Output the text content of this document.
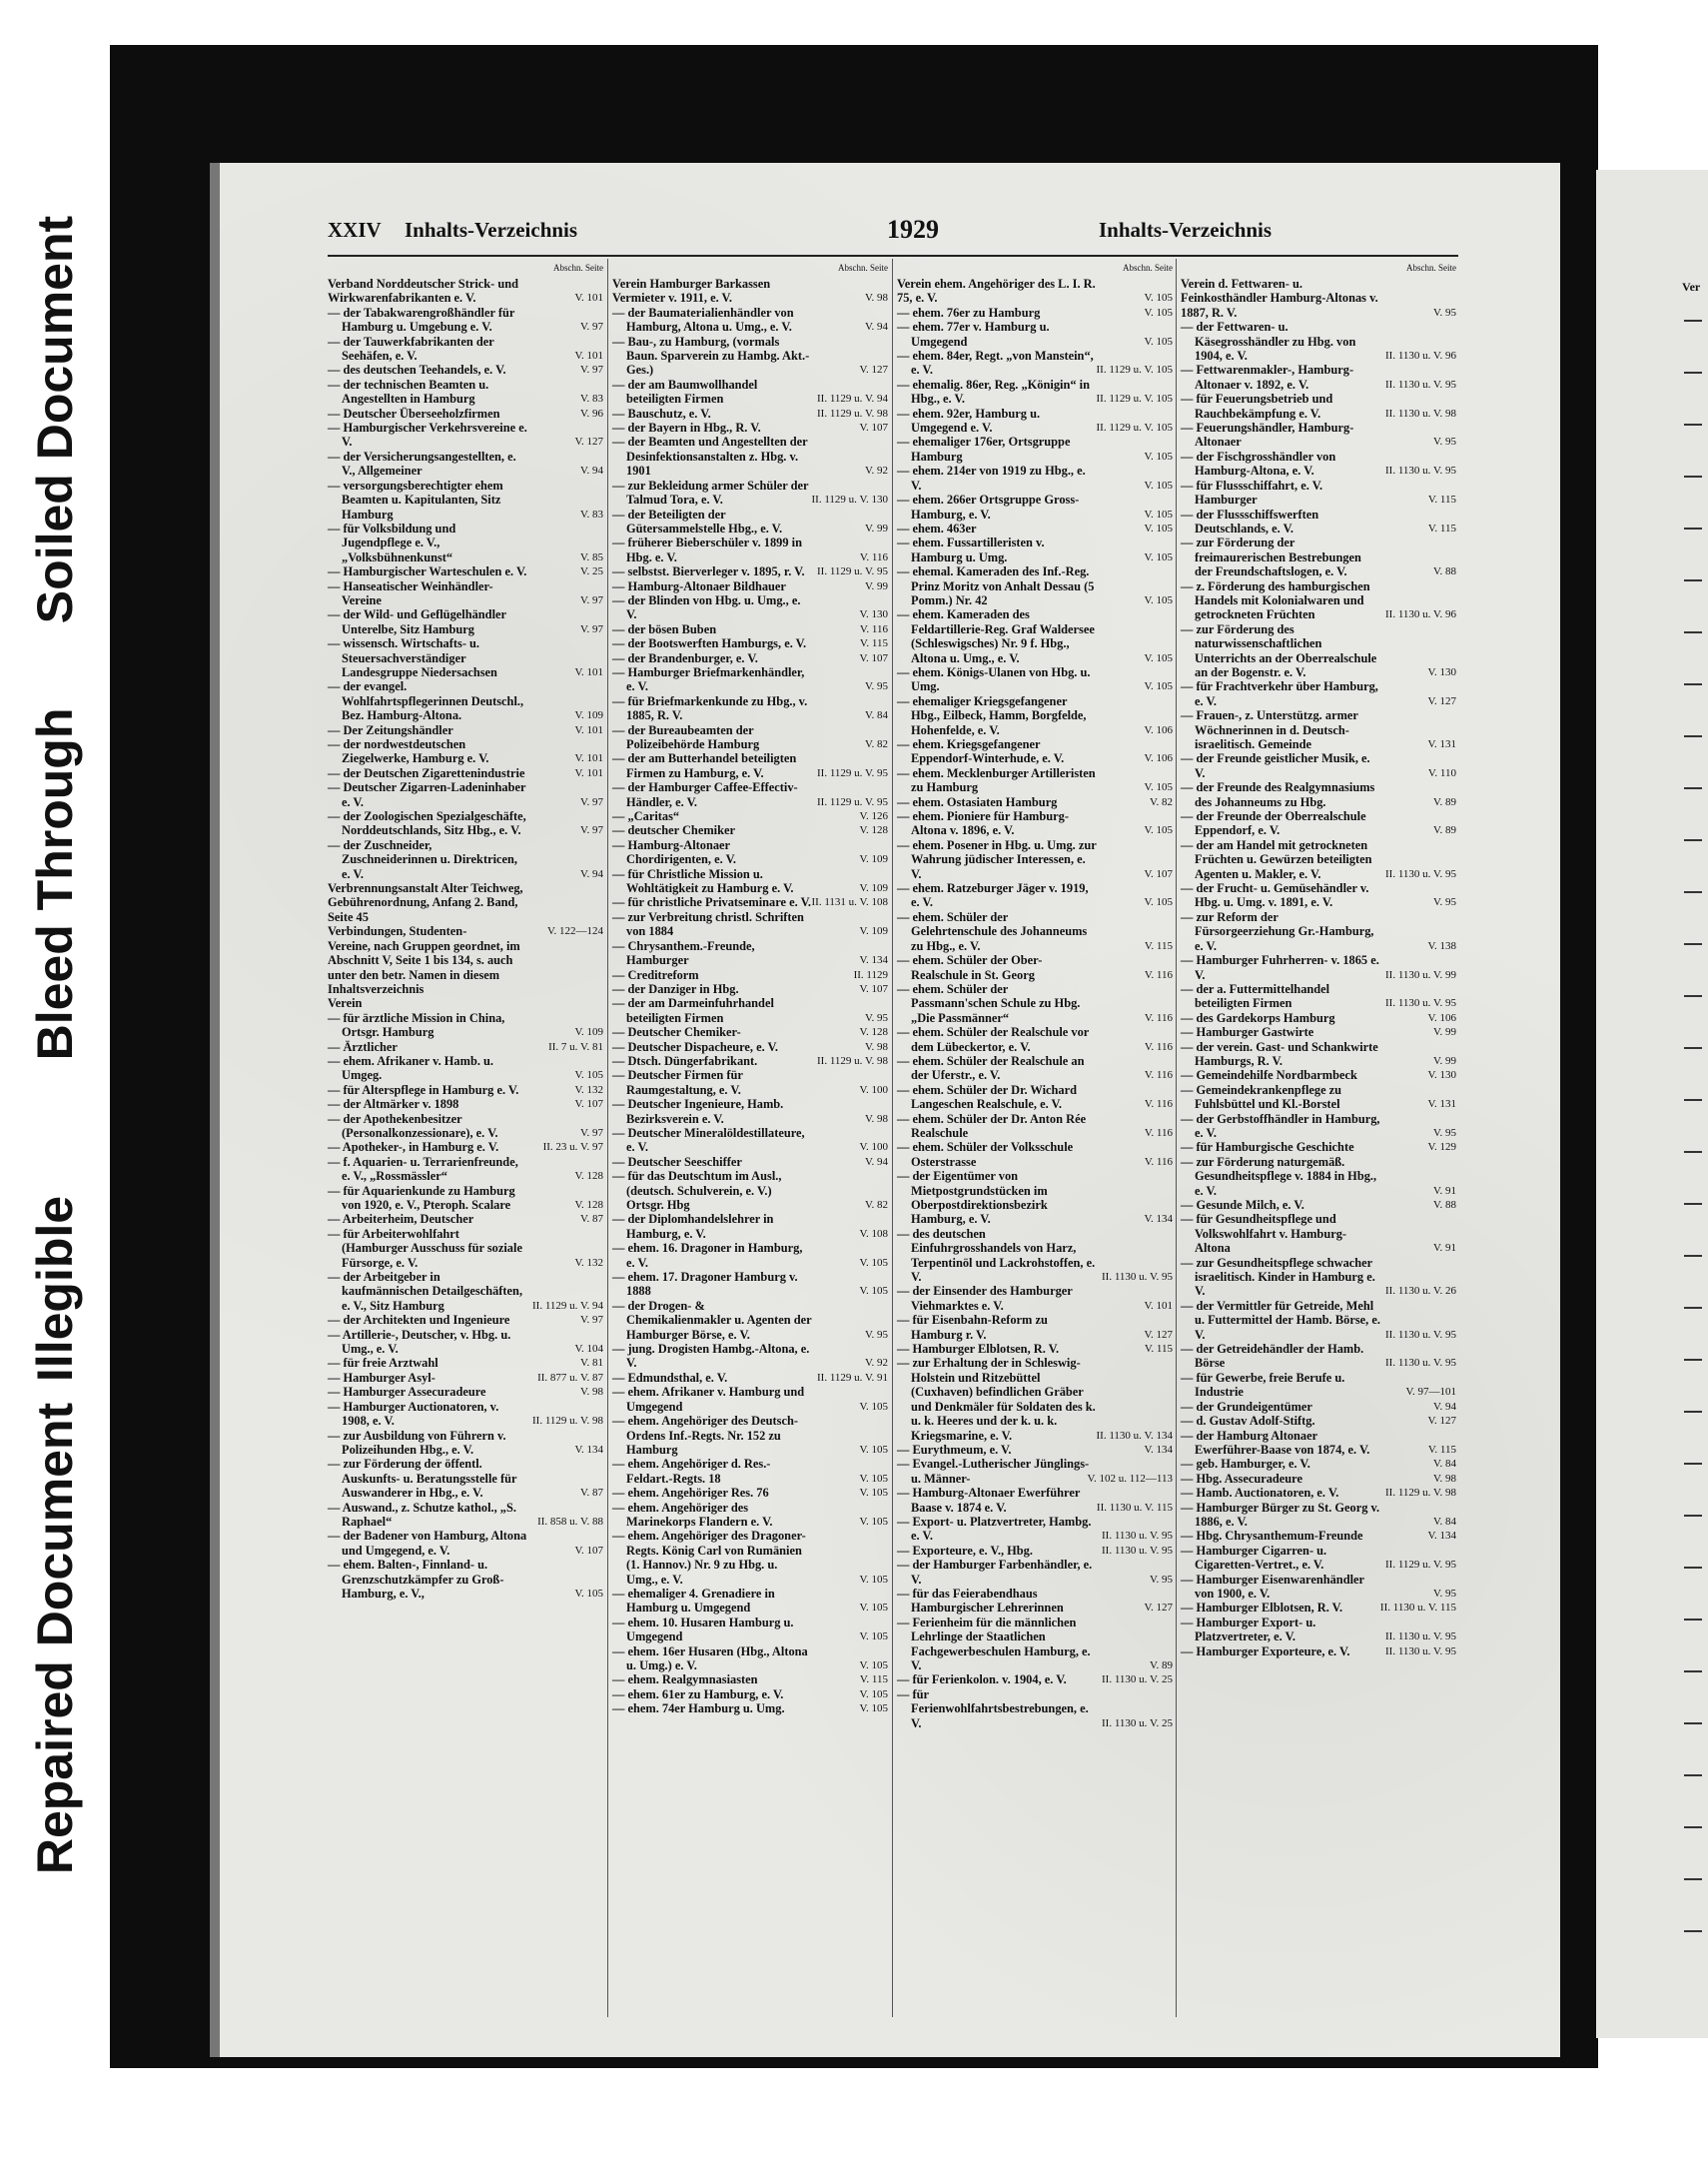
Repaired Document
Illegible
Bleed Through
Soiled Document	XXIV Inhalts-Verzeichnis	1929	Inhalts-Verzeichnis
Abschn. Seite
Verband Norddeutscher Strick- und Wirkwarenfabrikanten e. V.	V. 101
— der Tabakwarengroßhändler für Hamburg u. Umgebung e. V.	V. 97
— der Tauwerkfabrikanten der Seehäfen, e. V.	V. 101
— des deutschen Teehandels, e. V.	V. 97
— der technischen Beamten u. Angestellten in Hamburg	V. 83
— Deutscher Überseeholzfirmen	V. 96
— Hamburgischer Verkehrsvereine e. V.	V. 127
— der Versicherungsangestellten, e. V., Allgemeiner	V. 94
— versorgungsberechtigter ehem Beamten u. Kapitulanten, Sitz Hamburg	V. 83
— für Volksbildung und Jugendpflege e. V., „Volksbühnenkunst“	V. 85
— Hamburgischer Warteschulen e. V.	V. 25
— Hanseatischer Weinhändler-Vereine	V. 97
— der Wild- und Geflügelhändler Unterelbe, Sitz Hamburg	V. 97
— wissensch. Wirtschafts- u. Steuersachverständiger Landesgruppe Niedersachsen	V. 101
— der evangel. Wohlfahrtspflegerinnen Deutschl., Bez. Hamburg-Altona.	V. 109
— Der Zeitungshändler	V. 101
— der nordwestdeutschen Ziegelwerke, Hamburg e. V.	V. 101
— der Deutschen Zigarettenindustrie	V. 101
— Deutscher Zigarren-Ladeninhaber e. V.	V. 97
— der Zoologischen Spezialgeschäfte, Norddeutschlands, Sitz Hbg., e. V.	V. 97
— der Zuschneider, Zuschneiderinnen u. Direktricen, e. V.	V. 94
Verbrennungsanstalt Alter Teichweg, Gebührenordnung, Anfang 2. Band, Seite 45
Verbindungen, Studenten-	V. 122—124
Vereine, nach Gruppen geordnet, im Abschnitt V, Seite 1 bis 134, s. auch unter den betr. Namen in diesem Inhaltsverzeichnis
Verein
— für ärztliche Mission in China, Ortsgr. Hamburg	V. 109
— Ärztlicher	II. 7 u. V. 81
— ehem. Afrikaner v. Hamb. u. Umgeg.	V. 105
— für Alterspflege in Hamburg e. V.	V. 132
— der Altmärker v. 1898	V. 107
— der Apothekenbesitzer (Personalkonzessionare), e. V.	V. 97
— Apotheker-, in Hamburg e. V.	II. 23 u. V. 97
— f. Aquarien- u. Terrarienfreunde, e. V., „Rossmässler“	V. 128
— für Aquarienkunde zu Hamburg von 1920, e. V., Pteroph. Scalare	V. 128
— Arbeiterheim, Deutscher	V. 87
— für Arbeiterwohlfahrt (Hamburger Ausschuss für soziale Fürsorge, e. V.	V. 132
— der Arbeitgeber in kaufmännischen Detailgeschäften, e. V., Sitz Hamburg	II. 1129 u. V. 94
— der Architekten und Ingenieure	V. 97
— Artillerie-, Deutscher, v. Hbg. u. Umg., e. V.	V. 104
— für freie Arztwahl	V. 81
— Hamburger Asyl-	II. 877 u. V. 87
— Hamburger Assecuradeure	V. 98
— Hamburger Auctionatoren, v. 1908, e. V.	II. 1129 u. V. 98
— zur Ausbildung von Führern v. Polizeihunden Hbg., e. V.	V. 134
— zur Förderung der öffentl. Auskunfts- u. Beratungsstelle für Auswanderer in Hbg., e. V.	V. 87
— Auswand., z. Schutze kathol., „S. Raphael“	II. 858 u. V. 88
— der Badener von Hamburg, Altona und Umgegend, e. V.	V. 107
— ehem. Balten-, Finnland- u. Grenzschutzkämpfer zu Groß-Hamburg, e. V.,	V. 105
Abschn. Seite
Verein Hamburger Barkassen Vermieter v. 1911, e. V.	V. 98
— der Baumaterialienhändler von Hamburg, Altona u. Umg., e. V.	V. 94
— Bau-, zu Hamburg, (vormals Baun. Sparverein zu Hambg. Akt.-Ges.)	V. 127
— der am Baumwollhandel beteiligten Firmen	II. 1129 u. V. 94
— Bauschutz, e. V.	II. 1129 u. V. 98
— der Bayern in Hbg., R. V.	V. 107
— der Beamten und Angestellten der Desinfektionsanstalten z. Hbg. v. 1901	V. 92
— zur Bekleidung armer Schüler der Talmud Tora, e. V.	II. 1129 u. V. 130
— der Beteiligten der Gütersammelstelle Hbg., e. V.	V. 99
— früherer Bieberschüler v. 1899 in Hbg. e. V.	V. 116
— selbstst. Bierverleger v. 1895, r. V. II. 1129 u. V. 95
— Hamburg-Altonaer Bildhauer	V. 99
— der Blinden von Hbg. u. Umg., e. V.	V. 130
— der bösen Buben	V. 116
— der Bootswerften Hamburgs, e. V.	V. 115
— der Brandenburger, e. V.	V. 107
— Hamburger Briefmarkenhändler, e. V.	V. 95
— für Briefmarkenkunde zu Hbg., v. 1885, R. V.	V. 84
— der Bureaubeamten der Polizeibehörde Hamburg	V. 82
— der am Butterhandel beteiligten Firmen zu Hamburg, e. V.	II. 1129 u. V. 95
— der Hamburger Caffee-Effectiv-Händler, e. V.	II. 1129 u. V. 95
— „Caritas“	V. 126
— deutscher Chemiker	V. 128
— Hamburg-Altonaer Chordirigenten, e. V.	V. 109
— für Christliche Mission u. Wohltätigkeit zu Hamburg e. V.	V. 109
— für christliche Privatseminare e. V. II. 1131 u. V. 108
— zur Verbreitung christl. Schriften von 1884	V. 109
— Chrysanthem.-Freunde, Hamburger	V. 134
— Creditreform	II. 1129
— der Danziger in Hbg.	V. 107
— der am Darmeinfuhrhandel beteiligten Firmen	V. 95
— Deutscher Chemiker-	V. 128
— Deutscher Dispacheure, e. V.	V. 98
— Dtsch. Düngerfabrikant.	II. 1129 u. V. 98
— Deutscher Firmen für Raumgestaltung, e. V.	V. 100
— Deutscher Ingenieure, Hamb. Bezirksverein e. V.	V. 98
— Deutscher Mineralöldestillateure, e. V.	V. 100
— Deutscher Seeschiffer	V. 94
— für das Deutschtum im Ausl., (deutsch. Schulverein, e. V.) Ortsgr. Hbg	V. 82
— der Diplomhandelslehrer in Hamburg, e. V.	V. 108
— ehem. 16. Dragoner in Hamburg, e. V.	V. 105
— ehem. 17. Dragoner Hamburg v. 1888	V. 105
— der Drogen- & Chemikalienmakler u. Agenten der Hamburger Börse, e. V.	V. 95
— jung. Drogisten Hambg.-Altona, e. V.	V. 92
— Edmundsthal, e. V.	II. 1129 u. V. 91
— ehem. Afrikaner v. Hamburg und Umgegend	V. 105
— ehem. Angehöriger des Deutsch-Ordens Inf.-Regts. Nr. 152 zu Hamburg	V. 105
— ehem. Angehöriger d. Res.-Feldart.-Regts. 18	V. 105
— ehem. Angehöriger Res. 76	V. 105
— ehem. Angehöriger des Marinekorps Flandern e. V.	V. 105
— ehem. Angehöriger des Dragoner-Regts. König Carl von Rumänien (1. Hannov.) Nr. 9 zu Hbg. u. Umg., e. V.	V. 105
— ehemaliger 4. Grenadiere in Hamburg u. Umgegend	V. 105
— ehem. 10. Husaren Hamburg u. Umgegend	V. 105
— ehem. 16er Husaren (Hbg., Altona u. Umg.) e. V.	V. 105
— ehem. Realgymnasiasten	V. 115
— ehem. 61er zu Hamburg, e. V.	V. 105
— ehem. 74er Hamburg u. Umg.	V. 105
Abschn. Seite
Verein ehem. Angehöriger des L. I. R. 75, e. V.	V. 105
— ehem. 76er zu Hamburg	V. 105
— ehem. 77er v. Hamburg u. Umgegend	V. 105
— ehem. 84er, Regt. „von Manstein“, e. V.	II. 1129 u. V. 105
— ehemalig. 86er, Reg. „Königin“ in Hbg., e. V.	II. 1129 u. V. 105
— ehem. 92er, Hamburg u. Umgegend e. V.	II. 1129 u. V. 105
— ehemaliger 176er, Ortsgruppe Hamburg	V. 105
— ehem. 214er von 1919 zu Hbg., e. V.	V. 105
— ehem. 266er Ortsgruppe Gross-Hamburg, e. V.	V. 105
— ehem. 463er	V. 105
— ehem. Fussartilleristen v. Hamburg u. Umg.	V. 105
— ehemal. Kameraden des Inf.-Reg. Prinz Moritz von Anhalt Dessau (5 Pomm.) Nr. 42	V. 105
— ehem. Kameraden des Feldartillerie-Reg. Graf Waldersee (Schleswigsches) Nr. 9 f. Hbg., Altona u. Umg., e. V.	V. 105
— ehem. Königs-Ulanen von Hbg. u. Umg.	V. 105
— ehemaliger Kriegsgefangener Hbg., Eilbeck, Hamm, Borgfelde, Hohenfelde, e. V.	V. 106
— ehem. Kriegsgefangener Eppendorf-Winterhude, e. V.	V. 106
— ehem. Mecklenburger Artilleristen zu Hamburg	V. 105
— ehem. Ostasiaten Hamburg	V. 82
— ehem. Pioniere für Hamburg-Altona v. 1896, e. V.	V. 105
— ehem. Posener in Hbg. u. Umg. zur Wahrung jüdischer Interessen, e. V.	V. 107
— ehem. Ratzeburger Jäger v. 1919, e. V.	V. 105
— ehem. Schüler der Gelehrtenschule des Johanneums zu Hbg., e. V.	V. 115
— ehem. Schüler der Ober-Realschule in St. Georg	V. 116
— ehem. Schüler der Passmann'schen Schule zu Hbg. „Die Passmänner“	V. 116
— ehem. Schüler der Realschule vor dem Lübeckertor, e. V.	V. 116
— ehem. Schüler der Realschule an der Uferstr., e. V.	V. 116
— ehem. Schüler der Dr. Wichard Langeschen Realschule, e. V.	V. 116
— ehem. Schüler der Dr. Anton Rée Realschule	V. 116
— ehem. Schüler der Volksschule Osterstrasse	V. 116
— der Eigentümer von Mietpostgrundstücken im Oberpostdirektionsbezirk Hamburg, e. V.	V. 134
— des deutschen Einfuhrgrosshandels von Harz, Terpentinöl und Lackrohstoffen, e. V.	II. 1130 u. V. 95
— der Einsender des Hamburger Viehmarktes e. V.	V. 101
— für Eisenbahn-Reform zu Hamburg r. V.	V. 127
— Hamburger Elblotsen, R. V.	V. 115
— zur Erhaltung der in Schleswig-Holstein und Ritzebüttel (Cuxhaven) befindlichen Gräber und Denkmäler für Soldaten des k. u. k. Heeres und der k. u. k. Kriegsmarine, e. V.	II. 1130 u. V. 134
— Eurythmeum, e. V.	V. 134
— Evangel.-Lutherischer Jünglings-u. Männer-	V. 102 u. 112—113
— Hamburg-Altonaer Ewerführer Baase v. 1874 e. V.	II. 1130 u. V. 115
— Export- u. Platzvertreter, Hambg. e. V.	II. 1130 u. V. 95
— Exporteure, e. V., Hbg.	II. 1130 u. V. 95
— der Hamburger Farbenhändler, e. V.	V. 95
— für das Feierabendhaus Hamburgischer Lehrerinnen	V. 127
— Ferienheim für die männlichen Lehrlinge der Staatlichen Fachgewerbeschulen Hamburg, e. V.	V. 89
— für Ferienkolon. v. 1904, e. V.	II. 1130 u. V. 25
— für Ferienwohlfahrtsbestrebungen, e. V.	II. 1130 u. V. 25
Abschn. Seite
Verein d. Fettwaren- u. Feinkosthändler Hamburg-Altonas v. 1887, R. V.	V. 95
— der Fettwaren- u. Käsegrosshändler zu Hbg. von 1904, e. V.	II. 1130 u. V. 96
— Fettwarenmakler-, Hamburg-Altonaer v. 1892, e. V.	II. 1130 u. V. 95
— für Feuerungsbetrieb und Rauchbekämpfung e. V.	II. 1130 u. V. 98
— Feuerungshändler, Hamburg-Altonaer	V. 95
— der Fischgrosshändler von Hamburg-Altona, e. V.	II. 1130 u. V. 95
— für Flussschiffahrt, e. V. Hamburger	V. 115
— der Flussschiffswerften Deutschlands, e. V.	V. 115
— zur Förderung der freimaurerischen Bestrebungen der Freundschaftslogen, e. V.	V. 88
— z. Förderung des hamburgischen Handels mit Kolonialwaren und getrockneten Früchten	II. 1130 u. V. 96
— zur Förderung des naturwissenschaftlichen Unterrichts an der Oberrealschule an der Bogenstr. e. V.	V. 130
— für Frachtverkehr über Hamburg, e. V.	V. 127
— Frauen-, z. Unterstützg. armer Wöchnerinnen in d. Deutsch-israelitisch. Gemeinde	V. 131
— der Freunde geistlicher Musik, e. V.	V. 110
— der Freunde des Realgymnasiums des Johanneums zu Hbg.	V. 89
— der Freunde der Oberrealschule Eppendorf, e. V.	V. 89
— der am Handel mit getrockneten Früchten u. Gewürzen beteiligten Agenten u. Makler, e. V.	II. 1130 u. V. 95
— der Frucht- u. Gemüsehändler v. Hbg. u. Umg. v. 1891, e. V.	V. 95
— zur Reform der Fürsorgeerziehung Gr.-Hamburg, e. V.	V. 138
— Hamburger Fuhrherren- v. 1865 e. V.	II. 1130 u. V. 99
— der a. Futtermittelhandel beteiligten Firmen	II. 1130 u. V. 95
— des Gardekorps Hamburg	V. 106
— Hamburger Gastwirte	V. 99
— der verein. Gast- und Schankwirte Hamburgs, R. V.	V. 99
— Gemeindehilfe Nordbarmbeck	V. 130
— Gemeindekrankenpflege zu Fuhlsbüttel und Kl.-Borstel	V. 131
— der Gerbstoffhändler in Hamburg, e. V.	V. 95
— für Hamburgische Geschichte	V. 129
— zur Förderung naturgemäß. Gesundheitspflege v. 1884 in Hbg., e. V.	V. 91
— Gesunde Milch, e. V.	V. 88
— für Gesundheitspflege und Volkswohlfahrt v. Hamburg-Altona	V. 91
— zur Gesundheitspflege schwacher israelitisch. Kinder in Hamburg e. V.	II. 1130 u. V. 26
— der Vermittler für Getreide, Mehl u. Futtermittel der Hamb. Börse, e. V.	II. 1130 u. V. 95
— der Getreidehändler der Hamb. Börse	II. 1130 u. V. 95
— für Gewerbe, freie Berufe u. Industrie	V. 97—101
— der Grundeigentümer	V. 94
— d. Gustav Adolf-Stiftg.	V. 127
— der Hamburg Altonaer Ewerführer-Baase von 1874, e. V.	V. 115
— geb. Hamburger, e. V.	V. 84
— Hbg. Assecuradeure	V. 98
— Hamb. Auctionatoren, e. V.	II. 1129 u. V. 98
— Hamburger Bürger zu St. Georg v. 1886, e. V.	V. 84
— Hbg. Chrysanthemum-Freunde	V. 134
— Hamburger Cigarren- u. Cigaretten-Vertret., e. V.	II. 1129 u. V. 95
— Hamburger Eisenwarenhändler von 1900, e. V.	V. 95
— Hamburger Elblotsen, R. V.	II. 1130 u. V. 115
— Hamburger Export- u. Platzvertreter, e. V.	II. 1130 u. V. 95
— Hamburger Exporteure, e. V.	II. 1130 u. V. 95
Ver
